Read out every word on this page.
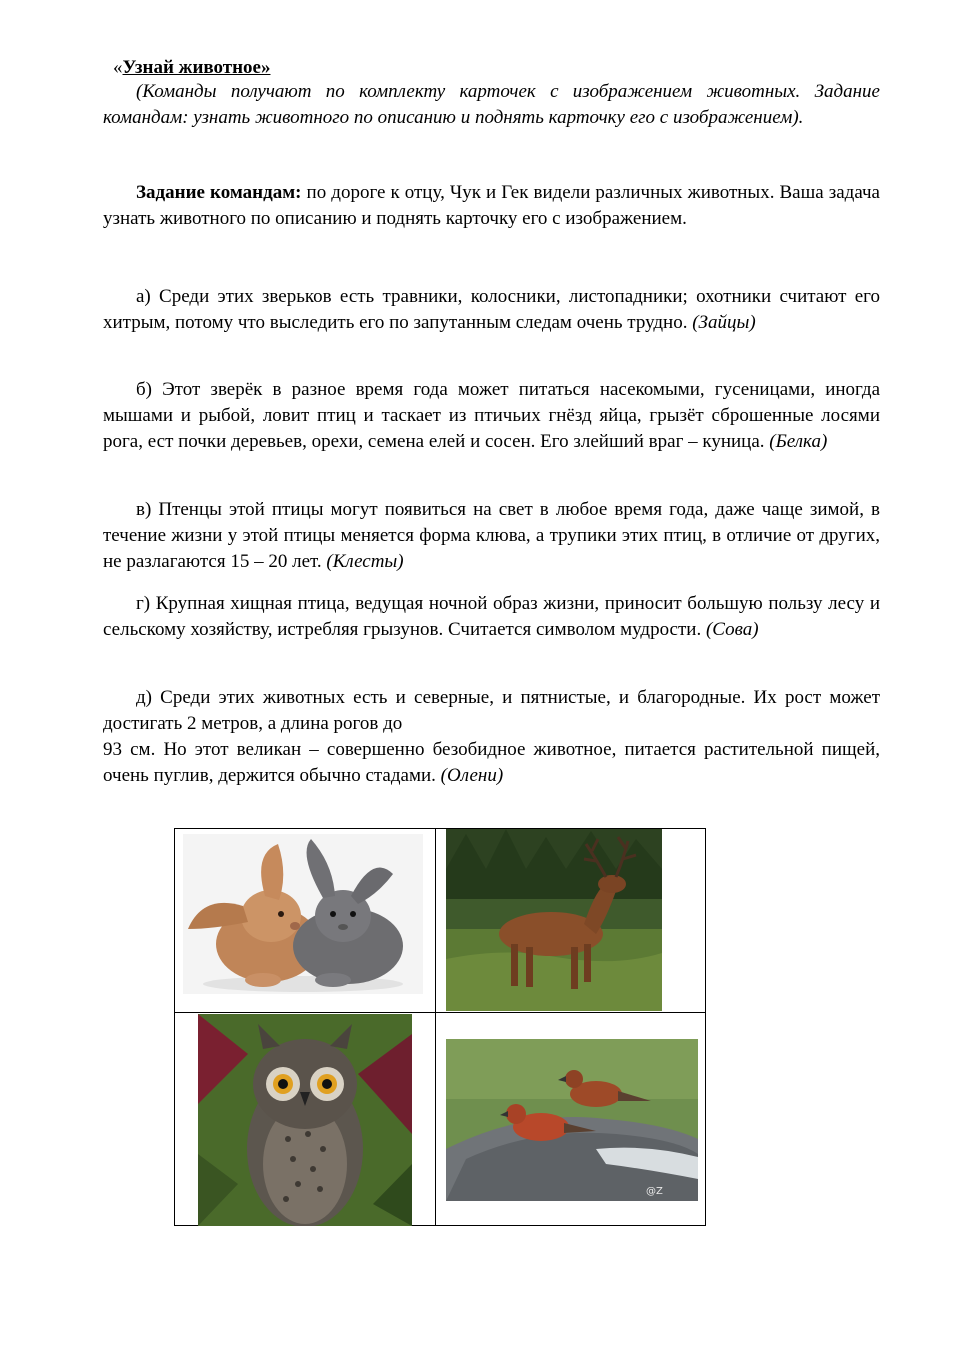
«Узнай животное»
(Команды получают по комплекту карточек с изображением животных. Задание командам: узнать животного по описанию и поднять карточку его с изображением).
Задание командам: по дороге к отцу, Чук и Гек видели различных животных. Ваша задача узнать животного по описанию и поднять карточку его с изображением.
а) Среди этих зверьков есть травники, колосники, листопадники; охотники считают его хитрым, потому что выследить его по запутанным следам очень трудно. (Зайцы)
б) Этот зверёк в разное время года может питаться насекомыми, гусеницами, иногда мышами и рыбой, ловит птиц и таскает из птичьих гнёзд яйца, грызёт сброшенные лосями рога, ест почки деревьев, орехи, семена елей и сосен. Его злейший враг – куница. (Белка)
в) Птенцы этой птицы могут появиться на свет в любое время года, даже чаще зимой, в течение жизни у этой птицы меняется форма клюва, а трупики этих птиц, в отличие от других, не разлагаются 15 – 20 лет. (Клесты)
г) Крупная хищная птица, ведущая ночной образ жизни, приносит большую пользу лесу и сельскому хозяйству, истребляя грызунов. Считается символом мудрости. (Сова)
д) Среди этих животных есть и северные, и пятнистые, и благородные. Их рост может достигать 2 метров, а длина рогов до
93 см. Но этот великан – совершенно безобидное животное, питается растительной пищей, очень пуглив, держится обычно стадами. (Олени)
@Z
